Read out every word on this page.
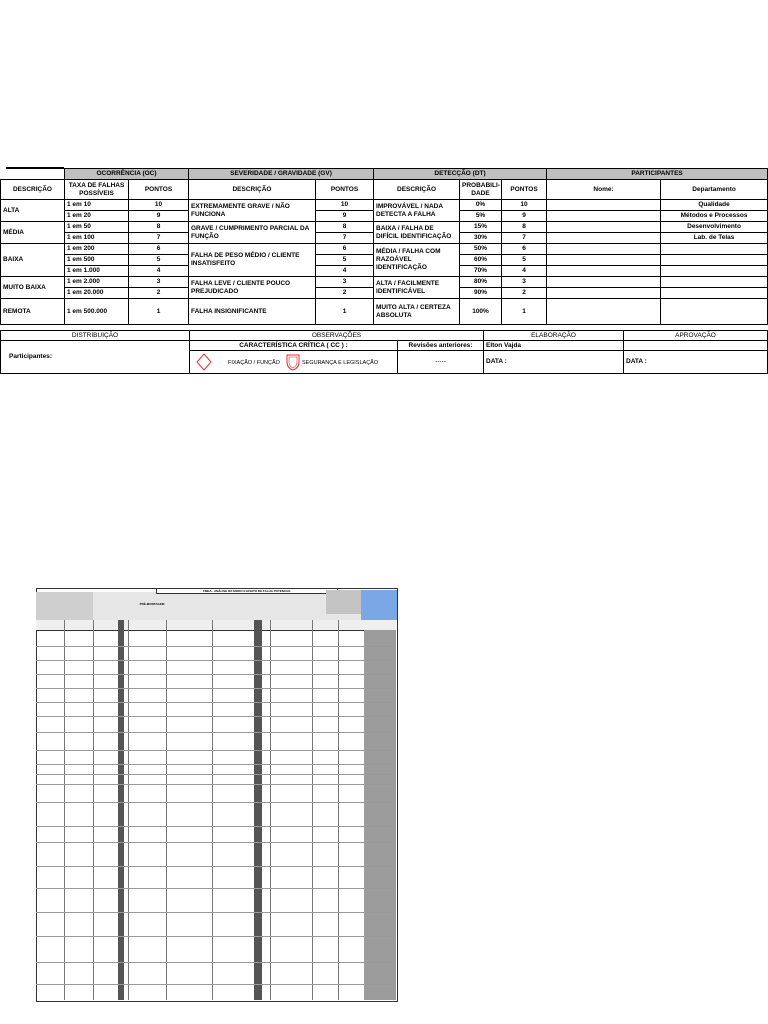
	OCORRÊNCIA (OC)		SEVERIDADE / GRAVIDADE (GV)		DETECÇÃO (DT)			PARTICIPANTES	
DESCRIÇÃO	TAXA DE FALHAS POSSÍVEIS	PONTOS	DESCRIÇÃO	PONTOS	DESCRIÇÃO	PROBABILI- DADE	PONTOS	Nome:	Departamento
ALTA	1 em 10	10	EXTREMAMENTE GRAVE / NÃO FUNCIONA	10	IMPROVÁVEL / NADA DETECTA A FALHA	0%	10		Qualidade
	1 em 20	9		9		5%	9		Métodos e Processos
MÉDIA	1 em 50	8	GRAVE / CUMPRIMENTO PARCIAL DA FUNÇÃO	8	BAIXA / FALHA DE DIFÍCIL IDENTIFICAÇÃO	15%	8		Desenvolvimento
	1 em 100	7		7		30%	7		Lab. de Telas
BAIXA	1 em 200	6	FALHA DE PESO MÉDIO / CLIENTE INSATISFEITO	6	MÉDIA / FALHA COM RAZOÁVEL IDENTIFICAÇÃO	50%	6		
	1 em 500	5		5		60%	5		
	1 em 1.000	4		4		70%	4		
MUITO BAIXA	1 em 2.000	3	FALHA LEVE / CLIENTE POUCO PREJUDICADO	3	ALTA / FACILMENTE IDENTIFICÁVEL	80%	3		
	1 em 20.000	2		2		90%	2		
REMOTA	1 em 500.000	1	FALHA INSIGNIFICANTE	1	MUITO ALTA / CERTEZA ABSOLUTA	100%	1		
DISTRIBUIÇÃO	OBSERVAÇÕES		ELABORAÇÃO	APROVAÇÃO
Participantes:	CARACTERÍSTICA CRÍTICA ( CC ) :	Revisões anteriores:	Elton Vajda	

	FIXAÇÃO / FUNÇÃO SEGURANÇA E LEGISLAÇÃO	-----	DATA :	DATA :
FMEA - ANÁLISE DO MODO E EFEITO DE FALHA POTENCIAL
PRÉ-MONTAGEM
